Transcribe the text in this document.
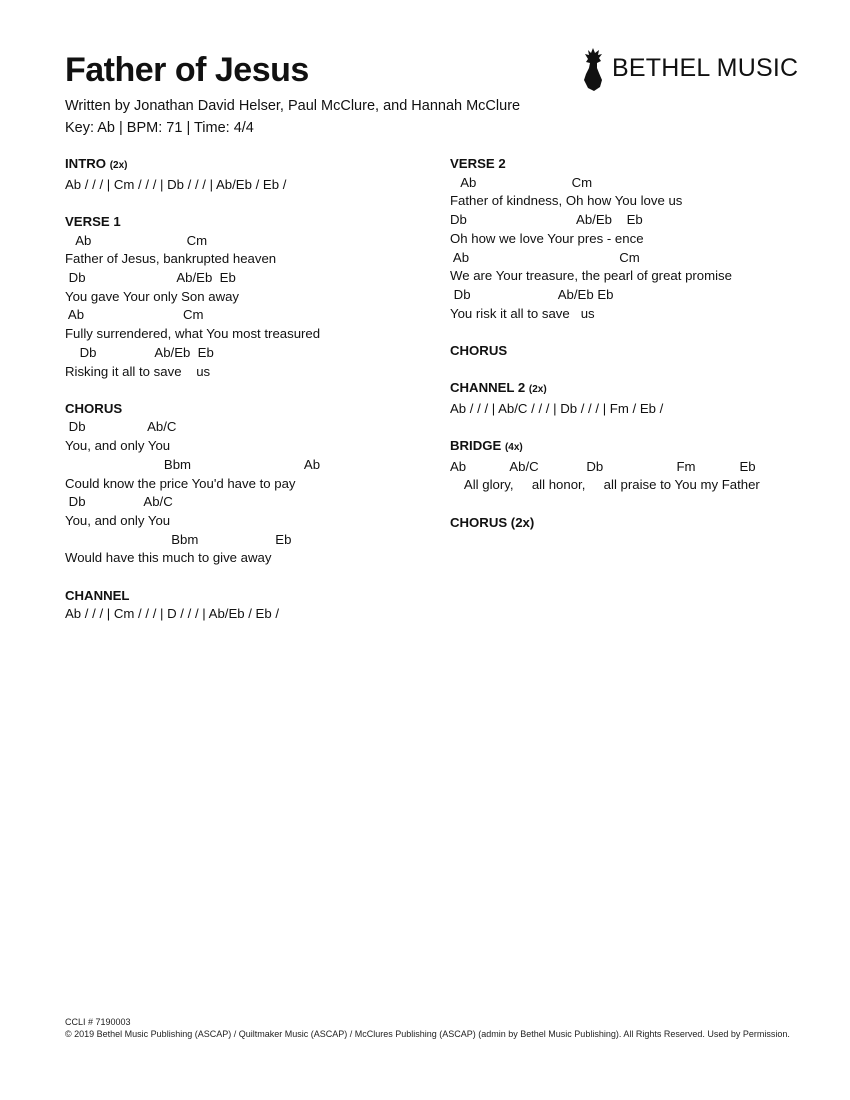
Father of Jesus
Written by Jonathan David Helser, Paul McClure, and Hannah McClure
Key: Ab | BPM: 71 | Time: 4/4
BETHEL MUSIC
INTRO (2x)
Ab / / / | Cm / / / | Db / / / | Ab/Eb / Eb /
VERSE 1
Ab                          Cm
Father of Jesus, bankrupted heaven
Db                         Ab/Eb  Eb
You gave Your only Son away
Ab                           Cm
Fully surrendered, what You most treasured
Db                Ab/Eb  Eb
Risking it all to save    us
CHORUS
Db                 Ab/C
You, and only You
Bbm                               Ab
Could know the price You'd have to pay
Db                Ab/C
You, and only You
Bbm                     Eb
Would have this much to give away
CHANNEL
Ab / / / | Cm / / / | D / / / | Ab/Eb / Eb /
VERSE 2
Ab                          Cm
Father of kindness, Oh how You love us
Db                              Ab/Eb    Eb
Oh how we love Your pres - ence
Ab                                         Cm
We are Your treasure, the pearl of great promise
Db                        Ab/Eb Eb
You risk it all to save   us
CHORUS
CHANNEL 2 (2x)
Ab / / / | Ab/C / / / | Db / / / | Fm / Eb /
BRIDGE (4x)
Ab            Ab/C             Db                    Fm            Eb
All glory,     all honor,     all praise to You my Father
CHORUS (2x)
CCLI # 7190003
© 2019 Bethel Music Publishing (ASCAP) / Quiltmaker Music (ASCAP) / McClures Publishing (ASCAP) (admin by Bethel Music Publishing). All Rights Reserved. Used by Permission.
